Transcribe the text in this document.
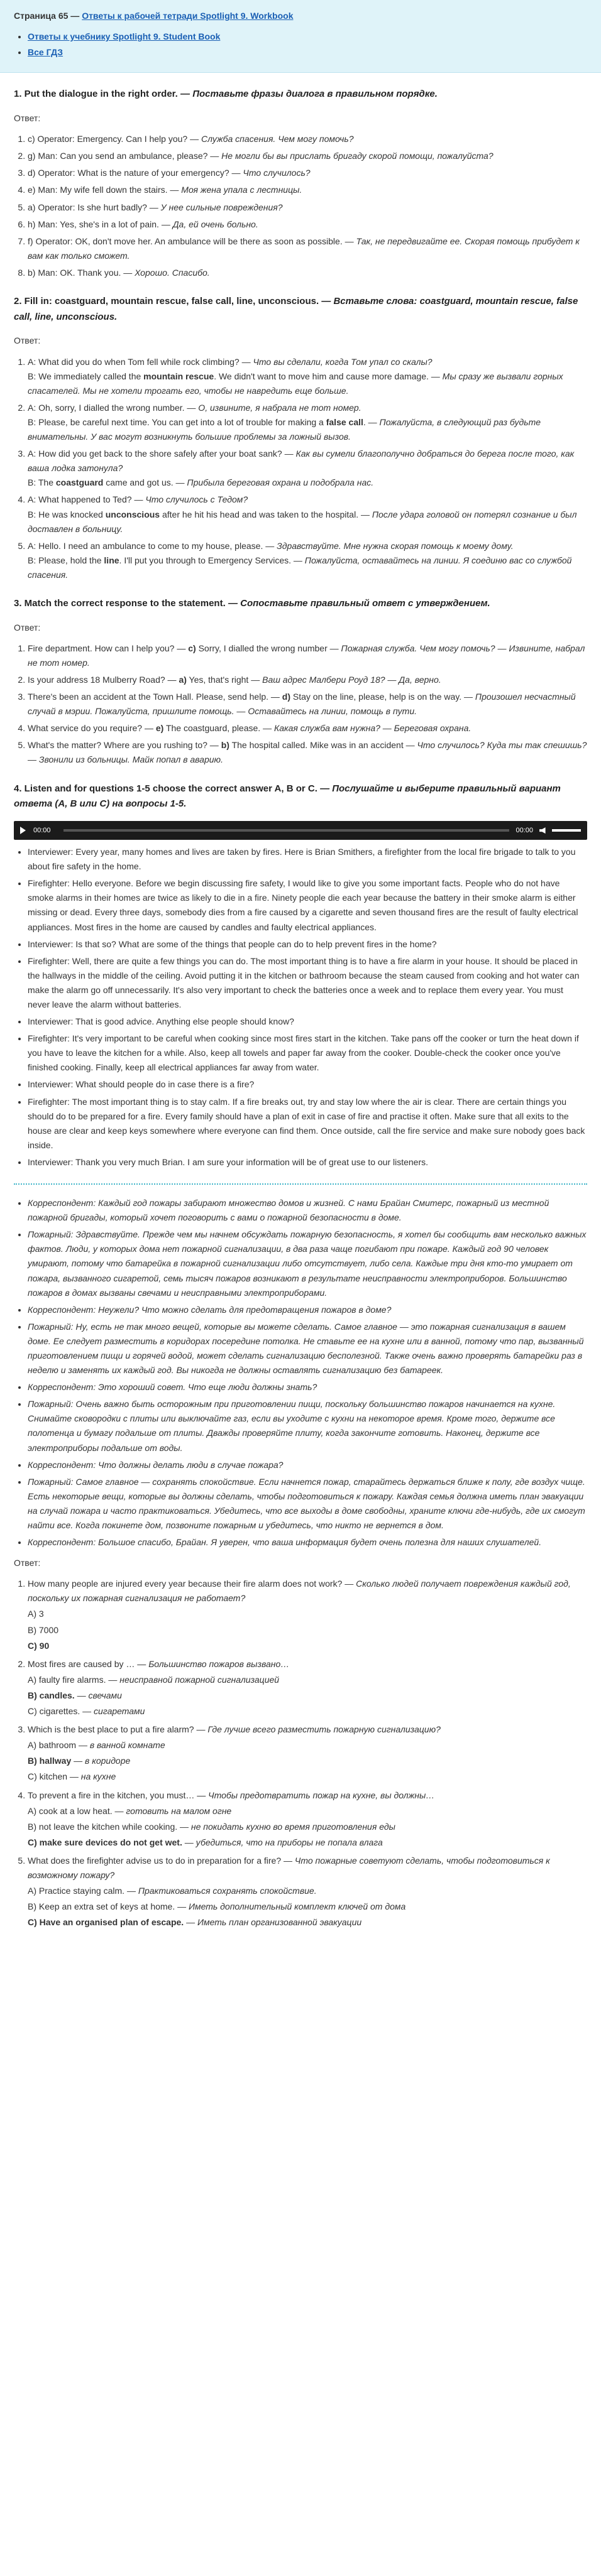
Страница 65 — Ответы к рабочей тетради Spotlight 9. Workbook
• Ответы к учебнику Spotlight 9. Student Book
• Все ГДЗ
1. Put the dialogue in the right order. — Поставьте фразы диалога в правильном порядке.
Ответ:
1. c) Operator: Emergency. Can I help you? — Служба спасения. Чем могу помочь?
2. g) Man: Can you send an ambulance, please? — Не могли бы вы прислать бригаду скорой помощи, пожалуйста?
3. d) Operator: What is the nature of your emergency? — Что случилось?
4. e) Man: My wife fell down the stairs. — Моя жена упала с лестницы.
5. a) Operator: Is she hurt badly? — У нее сильные повреждения?
6. h) Man: Yes, she's in a lot of pain. — Да, ей очень больно.
7. f) Operator: OK, don't move her. An ambulance will be there as soon as possible. — Так, не передвигайте ее. Скорая помощь прибудет к вам как только сможет.
8. b) Man: OK. Thank you. — Хорошо. Спасибо.
2. Fill in: coastguard, mountain rescue, false call, line, unconscious. — Вставьте слова: coastguard, mountain rescue, false call, line, unconscious.
Ответ:
1. A: What did you do when Tom fell while rock climbing? — Что вы сделали, когда Том упал со скалы?
B: We immediately called the mountain rescue. We didn't want to move him and cause more damage. — Мы сразу же вызвали горных спасателей. Мы не хотели трогать его, чтобы не навредить еще больше.
2. A: Oh, sorry, I dialled the wrong number. — О, извините, я набрала не тот номер.
B: Please, be careful next time. You can get into a lot of trouble for making a false call. — Пожалуйста, в следующий раз будьте внимательны. У вас могут возникнуть большие проблемы за ложный вызов.
3. A: How did you get back to the shore safely after your boat sank? — Как вы сумели благополучно добраться до берега после того, как ваша лодка затонула?
B: The coastguard came and got us. — Прибыла береговая охрана и подобрала нас.
4. A: What happened to Ted? — Что случилось с Тедом?
B: He was knocked unconscious after he hit his head and was taken to the hospital. — После удара головой он потерял сознание и был доставлен в больницу.
5. A: Hello. I need an ambulance to come to my house, please. — Здравствуйте. Мне нужна скорая помощь к моему дому.
B: Please, hold the line. I'll put you through to Emergency Services. — Пожалуйста, оставайтесь на линии. Я соединю вас со службой спасения.
3. Match the correct response to the statement. — Сопоставьте правильный ответ с утверждением.
Ответ:
1. Fire department. How can I help you? — c) Sorry, I dialled the wrong number — Пожарная служба. Чем могу помочь? — Извините, набрал не тот номер.
2. Is your address 18 Mulberry Road? — a) Yes, that's right — Ваш адрес Малбери Роуд 18? — Да, верно.
3. There's been an accident at the Town Hall. Please, send help. — d) Stay on the line, please, help is on the way. — Произошел несчастный случай в мэрии. Пожалуйста, пришлите помощь. — Оставайтесь на линии, помощь в пути.
4. What service do you require? — e) The coastguard, please. — Какая служба вам нужна? — Береговая охрана.
5. What's the matter? Where are you rushing to? — b) The hospital called. Mike was in an accident — Что случилось? Куда ты так спешишь? — Звонили из больницы. Майк попал в аварию.
4. Listen and for questions 1-5 choose the correct answer A, B or C. — Послушайте и выберите правильный вариант ответа (A, B или C) на вопросы 1-5.
00:00	00:00
• Interviewer: Every year, many homes and lives are taken by fires. Here is Brian Smithers, a firefighter from the local fire brigade to talk to you about fire safety in the home.
• Firefighter: Hello everyone. Before we begin discussing fire safety, I would like to give you some important facts. People who do not have smoke alarms in their homes are twice as likely to die in a fire. Ninety people die each year because the battery in their smoke alarm is either missing or dead. Every three days, somebody dies from a fire caused by a cigarette and seven thousand fires are the result of faulty electrical appliances. Most fires in the home are caused by candles and faulty electrical appliances.
• Interviewer: Is that so? What are some of the things that people can do to help prevent fires in the home?
• Firefighter: Well, there are quite a few things you can do. The most important thing is to have a fire alarm in your house. It should be placed in the hallways in the middle of the ceiling. Avoid putting it in the kitchen or bathroom because the steam caused from cooking and hot water can make the alarm go off unnecessarily. It's also very important to check the batteries once a week and to replace them every year. You must never leave the alarm without batteries.
• Interviewer: That is good advice. Anything else people should know?
• Firefighter: It's very important to be careful when cooking since most fires start in the kitchen. Take pans off the cooker or turn the heat down if you have to leave the kitchen for a while. Also, keep all towels and paper far away from the cooker. Double-check the cooker once you've finished cooking. Finally, keep all electrical appliances far away from water.
• Interviewer: What should people do in case there is a fire?
• Firefighter: The most important thing is to stay calm. If a fire breaks out, try and stay low where the air is clear. There are certain things you should do to be prepared for a fire. Every family should have a plan of exit in case of fire and practise it often. Make sure that all exits to the house are clear and keep keys somewhere where everyone can find them. Once outside, call the fire service and make sure nobody goes back inside.
• Interviewer: Thank you very much Brian. I am sure your information will be of great use to our listeners.
• Корреспондент: Каждый год пожары забирают множество домов и жизней. С нами Брайан Смитерс, пожарный из местной пожарной бригады, который хочет поговорить с вами о пожарной безопасности в доме.
• Пожарный: Здравствуйте. Прежде чем мы начнем обсуждать пожарную безопасность, я хотел бы сообщить вам несколько важных фактов. Люди, у которых дома нет пожарной сигнализации, в два раза чаще погибают при пожаре. Каждый год 90 человек умирают, потому что батарейка в пожарной сигнализации либо отсутствует, либо села. Каждые три дня кто-то умирает от пожара, вызванного сигаретой, семь тысяч пожаров возникают в результате неисправности электроприборов. Большинство пожаров в домах вызваны свечами и неисправными электроприборами.
• Корреспондент: Неужели? Что можно сделать для предотвращения пожаров в доме?
• Пожарный: Ну, есть не так много вещей, которые вы можете сделать. Самое главное — это пожарная сигнализация в вашем доме. Ее следует разместить в коридорах посередине потолка. Не ставьте ее на кухне или в ванной, потому что пар, вызванный приготовлением пищи и горячей водой, может сделать сигнализацию бесполезной. Также очень важно проверять батарейки раз в неделю и заменять их каждый год. Вы никогда не должны оставлять сигнализацию без батареек.
• Корреспондент: Это хороший совет. Что еще люди должны знать?
• Пожарный: Очень важно быть осторожным при приготовлении пищи, поскольку большинство пожаров начинается на кухне. Снимайте сковородки с плиты или выключайте газ, если вы уходите с кухни на некоторое время. Кроме того, держите все полотенца и бумагу подальше от плиты. Дважды проверяйте плиту, когда закончите готовить. Наконец, держите все электроприборы подальше от воды.
• Корреспондент: Что должны делать люди в случае пожара?
• Пожарный: Самое главное — сохранять спокойствие. Если начнется пожар, старайтесь держаться ближе к полу, где воздух чище. Есть некоторые вещи, которые вы должны сделать, чтобы подготовиться к пожару. Каждая семья должна иметь план эвакуации на случай пожара и часто практиковаться. Убедитесь, что все выходы в доме свободны, храните ключи где-нибудь, где их смогут найти все. Когда покинете дом, позвоните пожарным и убедитесь, что никто не вернется в дом.
• Корреспондент: Большое спасибо, Брайан. Я уверен, что ваша информация будет очень полезна для наших слушателей.
Ответ:
1. How many people are injured every year because their fire alarm does not work? — Сколько людей получает повреждения каждый год, поскольку их пожарная сигнализация не работает?
A) 3
B) 7000
C) 90
2. Most fires are caused by … — Большинство пожаров вызвано…
A) faulty fire alarms. — неисправной пожарной сигнализацией
B) candles. — свечами
C) cigarettes. — сигаретами
3. Which is the best place to put a fire alarm? — Где лучше всего разместить пожарную сигнализацию?
A) bathroom — в ванной комнате
B) hallway — в коридоре
C) kitchen — на кухне
4. To prevent a fire in the kitchen, you must… — Чтобы предотвратить пожар на кухне, вы должны…
A) cook at a low heat. — готовить на малом огне
B) not leave the kitchen while cooking. — не покидать кухню во время приготовления еды
C) make sure devices do not get wet. — убедиться, что на приборы не попала влага
5. What does the firefighter advise us to do in preparation for a fire? — Что пожарные советуют сделать, чтобы подготовиться к возможному пожару?
A) Practice staying calm. — Практиковаться сохранять спокойствие.
B) Keep an extra set of keys at home. — Иметь дополнительный комплект ключей от дома
C) Have an organised plan of escape. — Иметь план организованной эвакуации
